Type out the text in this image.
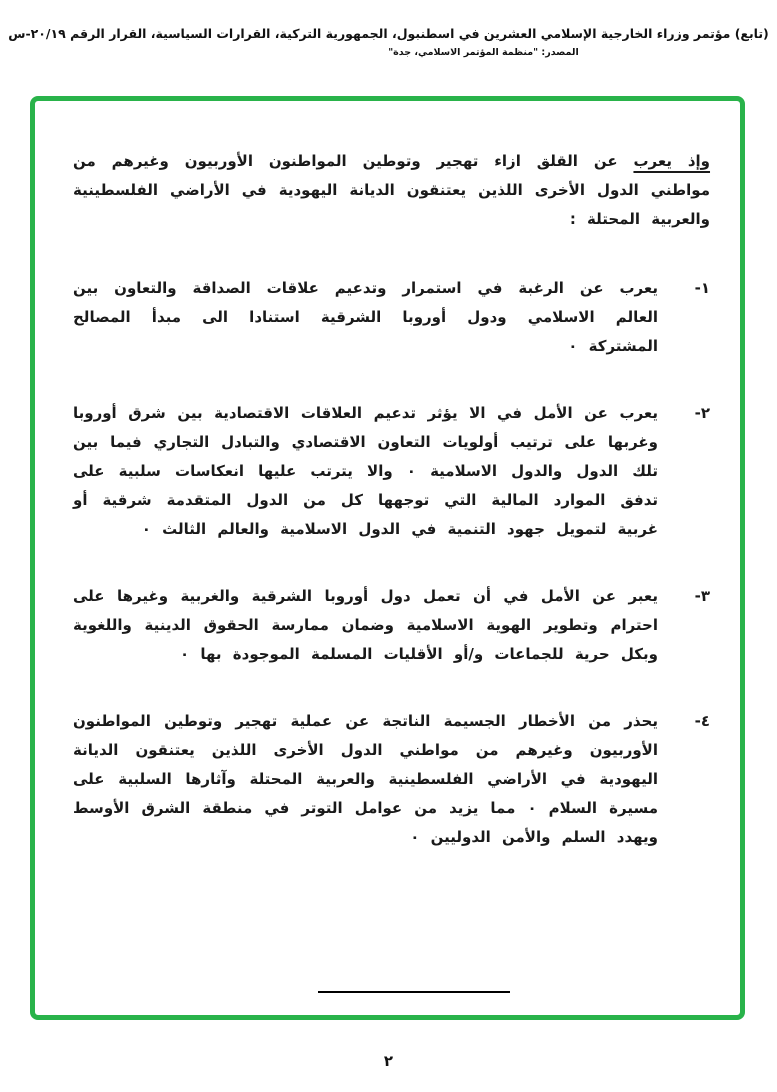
(تابع) مؤتمر وزراء الخارجية الإسلامي العشرين في اسطنبول، الجمهورية التركية، القرارات السياسية، القرار الرقم ٢٠/١٩-س
المصدر: "منظمة المؤتمر الاسلامي، جدة"

وإذ يعرب عن القلق ازاء تهجير وتوطين المواطنون الأوربيون وغيرهم من مواطني الدول الأخرى اللذين يعتنقون الديانة اليهودية في الأراضي الفلسطينية والعربية المحتلة :

١-
يعرب عن الرغبة في استمرار وتدعيم علاقات الصداقة والتعاون بين العالم الاسلامي ودول أوروبا الشرقية استنادا الى مبدأ المصالح المشتركة ٠
٢-
يعرب عن الأمل في الا يؤثر تدعيم العلاقات الاقتصادية بين شرق أوروبا وغربها على ترتيب أولويات التعاون الاقتصادي والتبادل التجاري فيما بين تلك الدول والدول الاسلامية ٠ والا يترتب عليها انعكاسات سلبية على تدفق الموارد المالية التي توجهها كل من الدول المتقدمة شرقية أو غربية لتمويل جهود التنمية في الدول الاسلامية والعالم الثالث ٠
٣-
يعبر عن الأمل في أن تعمل دول أوروبا الشرقية والغربية وغيرها على احترام وتطوير الهوية الاسلامية وضمان ممارسة الحقوق الدينية واللغوية وبكل حرية للجماعات و/أو الأقليات المسلمة الموجودة بها ٠
٤-
يحذر من الأخطار الجسيمة الناتجة عن عملية تهجير وتوطين المواطنون الأوربيون وغيرهم من مواطني الدول الأخرى اللذين يعتنقون الديانة اليهودية في الأراضي الفلسطينية والعربية المحتلة وآثارها السلبية على مسيرة السلام ٠ مما يزيد من عوامل التوتر في منطقة الشرق الأوسط ويهدد السلم والأمن الدوليين ٠
٢
